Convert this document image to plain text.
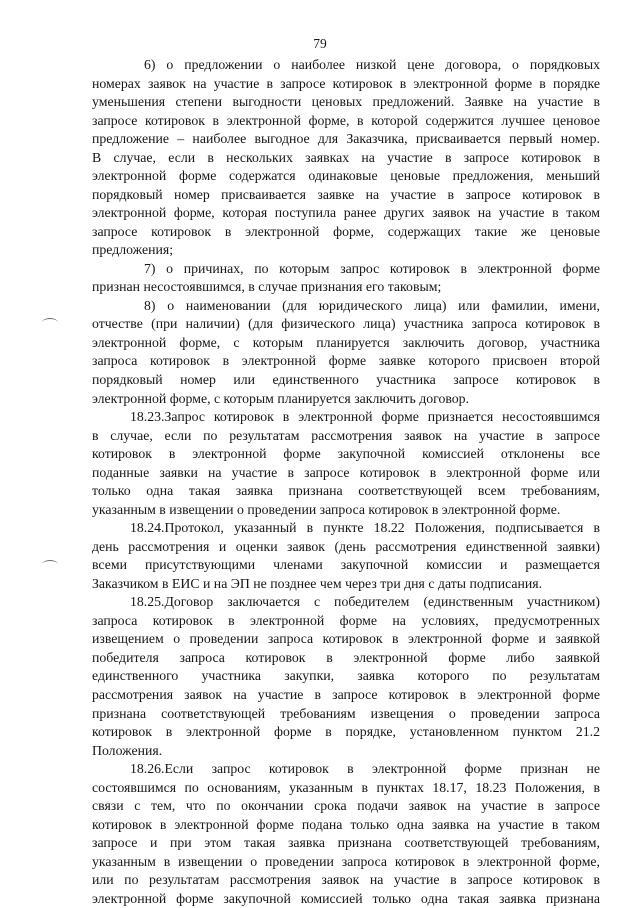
79
6) о предложении о наиболее низкой цене договора, о порядковых
номерах заявок на участие в запросе котировок в электронной форме в порядке
уменьшения степени выгодности ценовых предложений. Заявке на участие в
запросе котировок в электронной форме, в которой содержится лучшее ценовое
предложение – наиболее выгодное для Заказчика, присваивается первый номер.
В случае, если в нескольких заявках на участие в запросе котировок в
электронной форме содержатся одинаковые ценовые предложения, меньший
порядковый номер присваивается заявке на участие в запросе котировок в
электронной форме, которая поступила ранее других заявок на участие в таком
запросе котировок в электронной форме, содержащих такие же ценовые
предложения;
7) о причинах, по которым запрос котировок в электронной форме
признан несостоявшимся, в случае признания его таковым;
8) о наименовании (для юридического лица) или фамилии, имени,
отчестве (при наличии) (для физического лица) участника запроса котировок в
электронной форме, с которым планируется заключить договор, участника
запроса котировок в электронной форме заявке которого присвоен второй
порядковый номер или единственного участника запросе котировок в
электронной форме, с которым планируется заключить договор.
18.23.Запрос котировок в электронной форме признается несостоявшимся
в случае, если по результатам рассмотрения заявок на участие в запросе
котировок в электронной форме закупочной комиссией отклонены все
поданные заявки на участие в запросе котировок в электронной форме или
только одна такая заявка признана соответствующей всем требованиям,
указанным в извещении о проведении запроса котировок в электронной форме.
18.24.Протокол, указанный в пункте 18.22 Положения, подписывается в
день рассмотрения и оценки заявок (день рассмотрения единственной заявки)
всеми присутствующими членами закупочной комиссии и размещается
Заказчиком в ЕИС и на ЭП не позднее чем через три дня с даты подписания.
18.25.Договор заключается с победителем (единственным участником)
запроса котировок в электронной форме на условиях, предусмотренных
извещением о проведении запроса котировок в электронной форме и заявкой
победителя запроса котировок в электронной форме либо заявкой
единственного участника закупки, заявка которого по результатам
рассмотрения заявок на участие в запросе котировок в электронной форме
признана соответствующей требованиям извещения о проведении запроса
котировок в электронной форме в порядке, установленном пунктом 21.2
Положения.
18.26.Если запрос котировок в электронной форме признан не
состоявшимся по основаниям, указанным в пунктах 18.17, 18.23 Положения, в
связи с тем, что по окончании срока подачи заявок на участие в запросе
котировок в электронной форме подана только одна заявка на участие в таком
запросе и при этом такая заявка признана соответствующей требованиям,
указанным в извещении о проведении запроса котировок в электронной форме,
или по результатам рассмотрения заявок на участие в запросе котировок в
электронной форме закупочной комиссией только одна такая заявка признана
